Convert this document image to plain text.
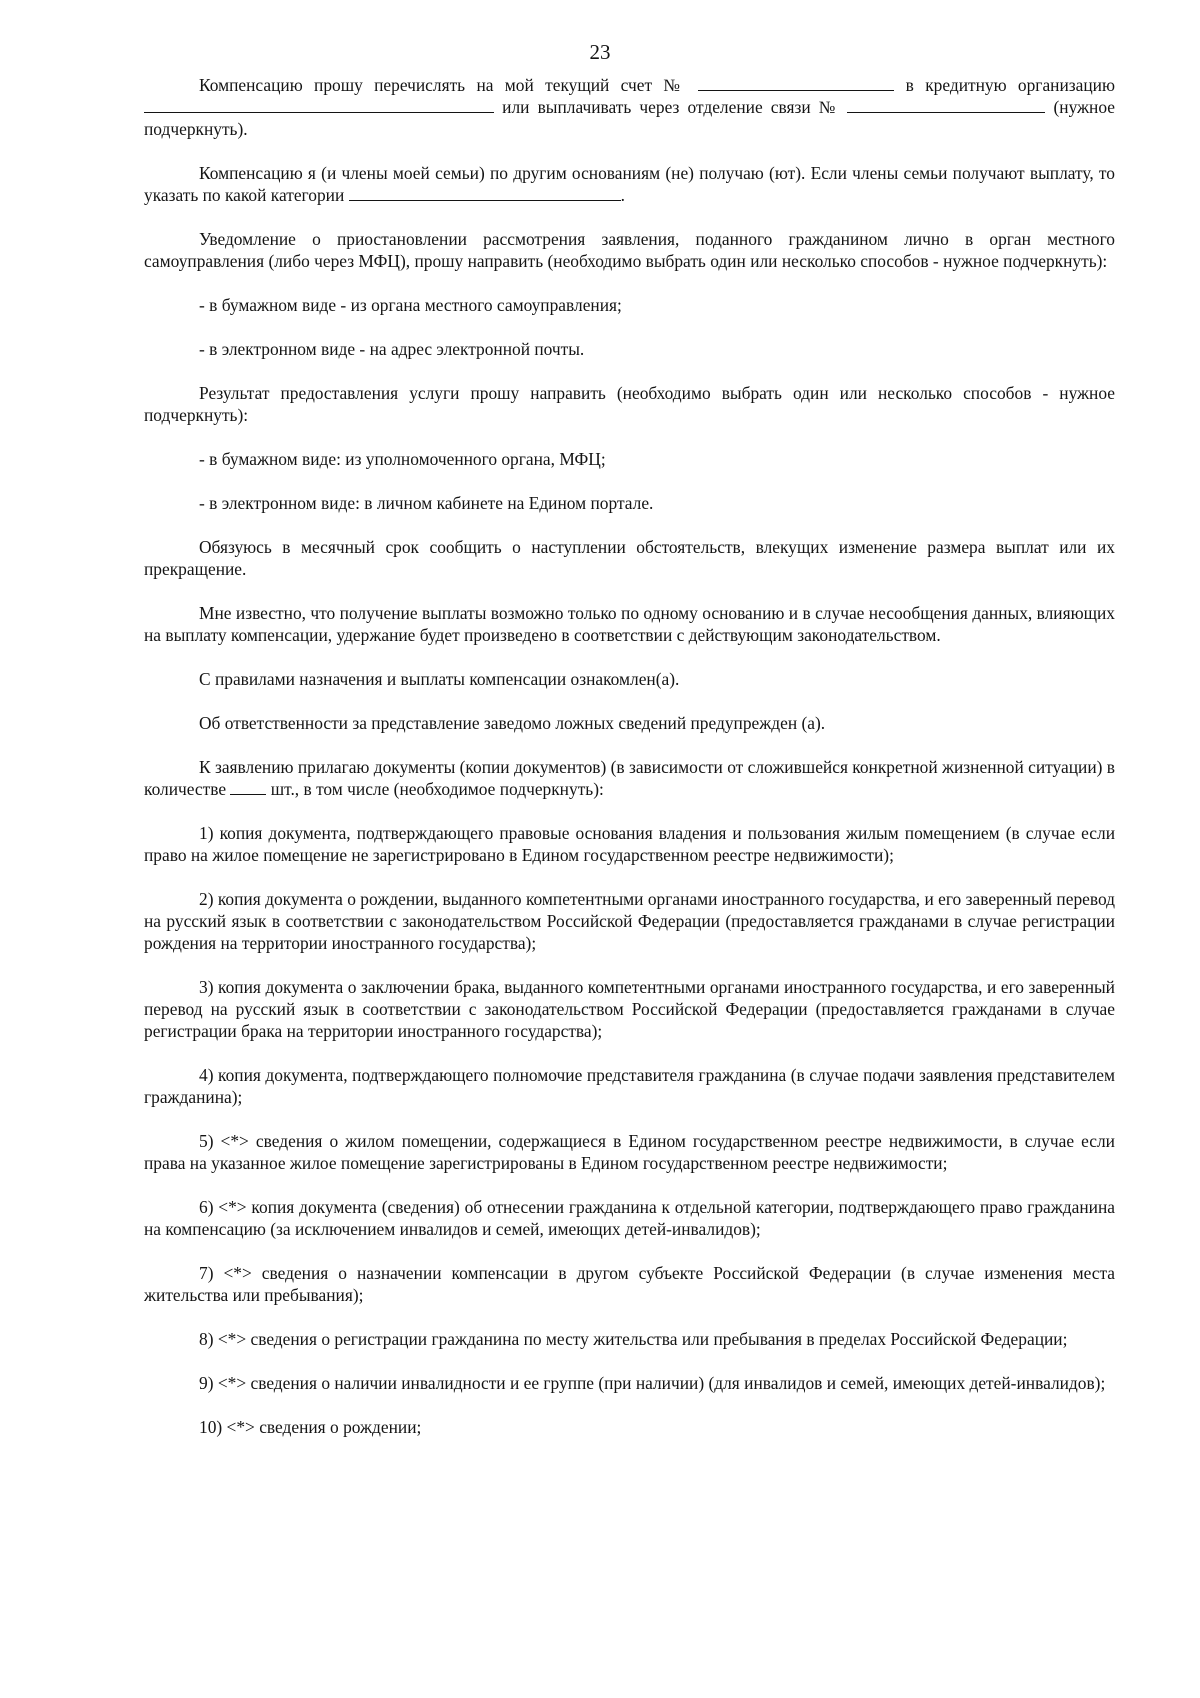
23

Компенсацию прошу перечислять на мой текущий счет №	в кредитную организацию  или выплачивать через отделение связи №	(нужное подчеркнуть).

Компенсацию я (и члены моей семьи) по другим основаниям (не) получаю (ют). Если члены семьи получают выплату, то указать по какой категории	.

Уведомление о приостановлении рассмотрения заявления, поданного гражданином лично в орган местного самоуправления (либо через МФЦ), прошу направить (необходимо выбрать один или несколько способов - нужное подчеркнуть):

- в бумажном виде - из органа местного самоуправления;

- в электронном виде - на адрес электронной почты.

Результат предоставления услуги прошу направить (необходимо выбрать один или несколько способов - нужное подчеркнуть):

- в бумажном виде: из уполномоченного органа, МФЦ;

- в электронном виде: в личном кабинете на Едином портале.

Обязуюсь в месячный срок сообщить о наступлении обстоятельств, влекущих изменение размера выплат или их прекращение.

Мне известно, что получение выплаты возможно только по одному основанию и в случае несообщения данных, влияющих на выплату компенсации, удержание будет произведено в соответствии с действующим законодательством.

С правилами назначения и выплаты компенсации ознакомлен(а).

Об ответственности за представление заведомо ложных сведений предупрежден (а).

К заявлению прилагаю документы (копии документов) (в зависимости от сложившейся конкретной жизненной ситуации) в количестве	шт., в том числе (необходимое подчеркнуть):

1) копия документа, подтверждающего правовые основания владения и пользования жилым помещением (в случае если право на жилое помещение не зарегистрировано в Едином государственном реестре недвижимости);

2) копия документа о рождении, выданного компетентными органами иностранного государства, и его заверенный перевод на русский язык в соответствии с законодательством Российской Федерации (предоставляется гражданами в случае регистрации рождения на территории иностранного государства);

3) копия документа о заключении брака, выданного компетентными органами иностранного государства, и его заверенный перевод на русский язык в соответствии с законодательством Российской Федерации (предоставляется гражданами в случае регистрации брака на территории иностранного государства);

4) копия документа, подтверждающего полномочие представителя гражданина (в случае подачи заявления представителем гражданина);

5) <*> сведения о жилом помещении, содержащиеся в Едином государственном реестре недвижимости, в случае если права на указанное жилое помещение зарегистрированы в Едином государственном реестре недвижимости;

6) <*> копия документа (сведения) об отнесении гражданина к отдельной категории, подтверждающего право гражданина на компенсацию (за исключением инвалидов и семей, имеющих детей-инвалидов);

7) <*> сведения о назначении компенсации в другом субъекте Российской Федерации (в случае изменения места жительства или пребывания);

8) <*> сведения о регистрации гражданина по месту жительства или пребывания в пределах Российской Федерации;

9) <*> сведения о наличии инвалидности и ее группе (при наличии) (для инвалидов и семей, имеющих детей-инвалидов);

10) <*> сведения о рождении;
